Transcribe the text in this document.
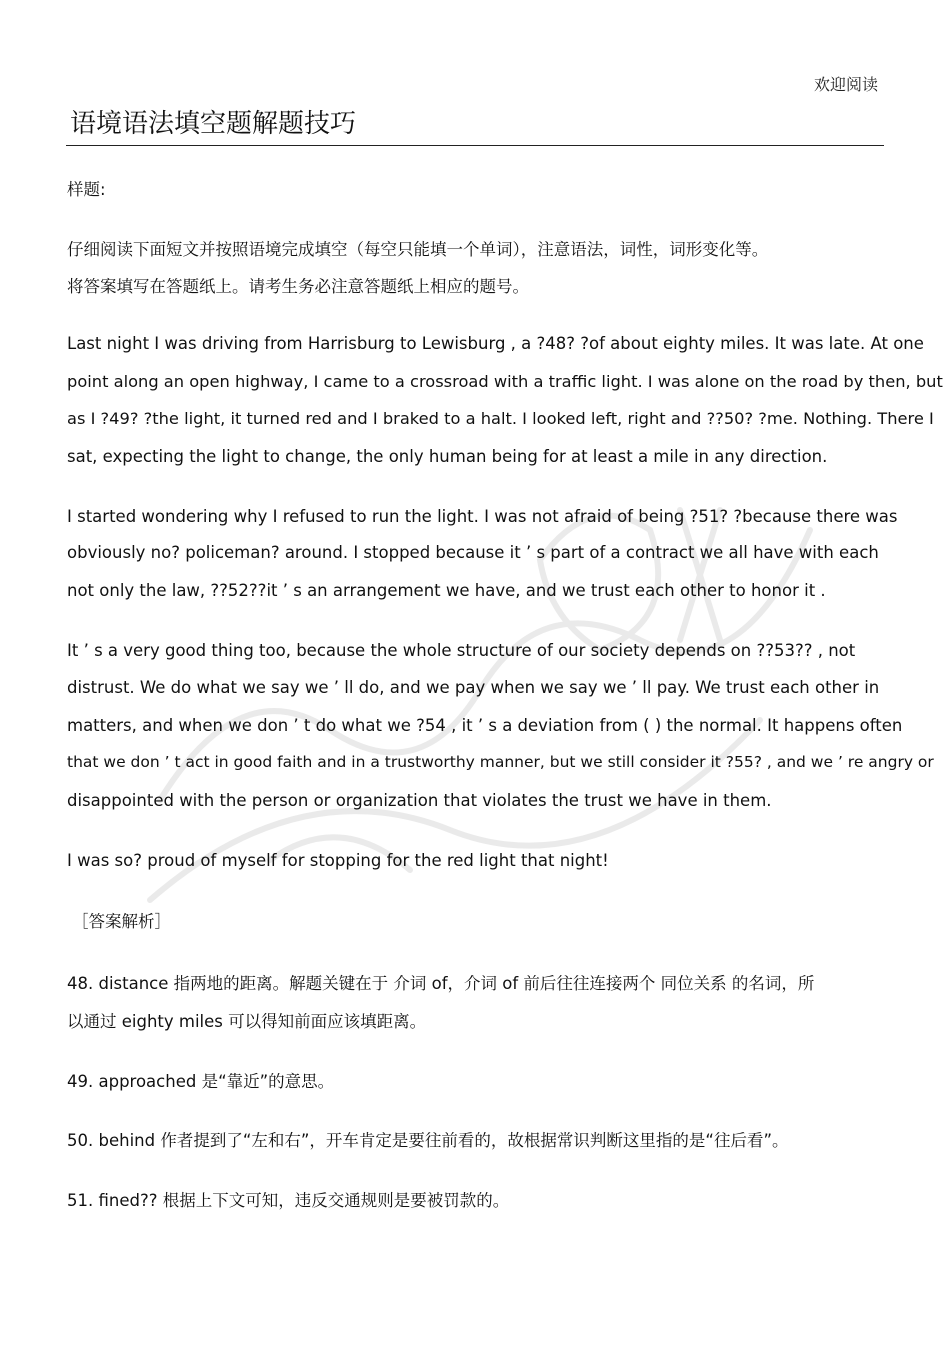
欢迎阅读
语境语法填空题解题技巧
样题:
仔细阅读下面短文并按照语境完成填空（每空只能填一个单词），注意语法，词性，词形变化等。
将答案填写在答题纸上。请考生务必注意答题纸上相应的题号。
Last night I was driving from Harrisburg to Lewisburg , a ?48? ?of about eighty miles. It was late. At one
point along an open highway, I came to a crossroad with a traffic light. I was alone on the road by then, but
as I ?49? ?the light, it turned red and I braked to a halt. I looked left, right and ??50? ?me. Nothing. There I
sat, expecting the light to change, the only human being for at least a mile in any direction.
I started wondering why I refused to run the light. I was not afraid of being ?51? ?because there was
obviously no? policeman? around. I stopped because it ’ s part of a contract we all have with each
not only the law, ??52??it ’ s an arrangement we have, and we trust each other to honor it .
It ’ s a very good thing too, because the whole structure of our society depends on ??53?? , not
distrust. We do what we say we ’ ll do, and we pay when we say we ’ ll pay. We trust each other in
matters, and when we don ’ t do what we ?54 , it ’ s a deviation from ( ) the normal. It happens often
that we don ’ t act in good faith and in a trustworthy manner, but we still consider it ?55? , and we ’ re angry or
disappointed with the person or organization that violates the trust we have in them.
I was so? proud of myself for stopping for the red light that night!
［答案解析］
48. distance 指两地的距离。解题关键在于 介词 of，介词 of 前后往往连接两个 同位关系 的名词，所
以通过 eighty miles 可以得知前面应该填距离。
49. approached 是“靠近”的意思。
50. behind 作者提到了“左和右”，开车肯定是要往前看的，故根据常识判断这里指的是“往后看”。
51. fined?? 根据上下文可知，违反交通规则是要被罚款的。
